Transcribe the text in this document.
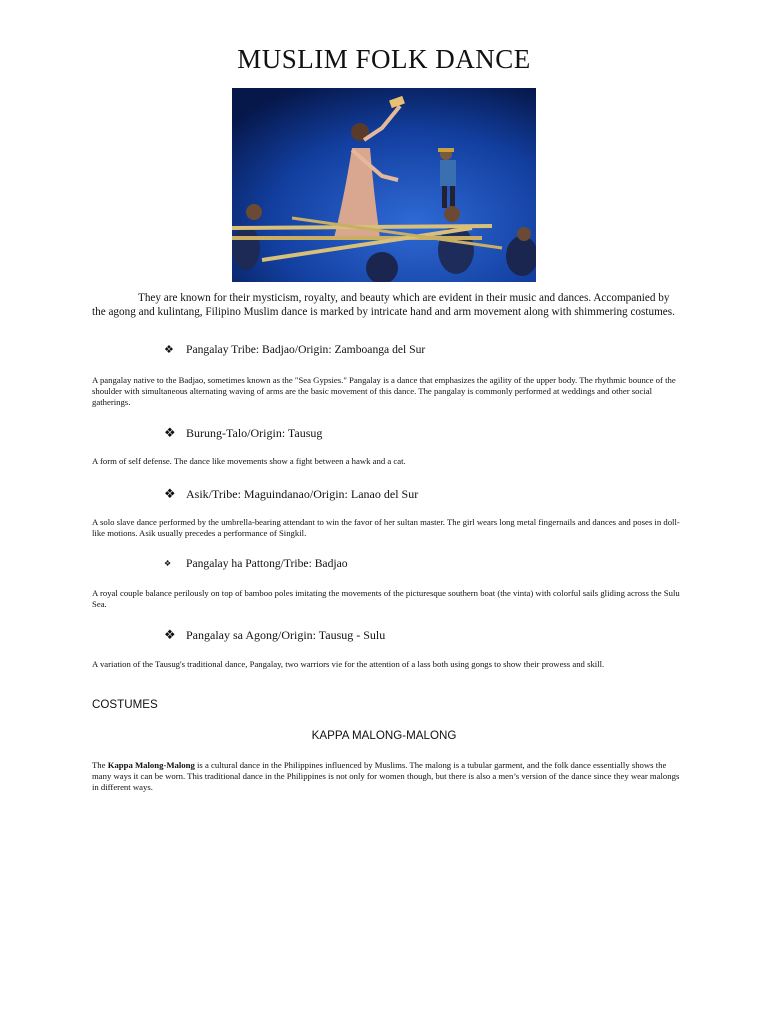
MUSLIM FOLK DANCE

They are known for their mysticism, royalty, and beauty which are evident in their music and dances. Accompanied by the agong and kulintang, Filipino Muslim dance is marked by intricate hand and arm movement along with shimmering costumes.

❖	Pangalay Tribe: Badjao/Origin: Zamboanga del Sur

A pangalay native to the Badjao, sometimes known as the "Sea Gypsies." Pangalay is a dance that emphasizes the agility of the upper body. The rhythmic bounce of the shoulder with simultaneous alternating waving of arms are the basic movement of this dance. The pangalay is commonly performed at weddings and other social gatherings.

❖ Burung-Talo/Origin: Tausug

A form of self defense. The dance like movements show a fight between a hawk and a cat.

❖ Asik/Tribe: Maguindanao/Origin: Lanao del Sur

A solo slave dance performed by the umbrella-bearing attendant to win the favor of her sultan master. The girl wears long metal fingernails and dances and poses in doll-like motions. Asik usually precedes a performance of Singkil.

❖	Pangalay ha Pattong/Tribe: Badjao

A royal couple balance perilously on top of bamboo poles imitating the movements of the picturesque southern boat (the vinta) with colorful sails gliding across the Sulu Sea.

❖ Pangalay sa Agong/Origin: Tausug - Sulu

A variation of the Tausug's traditional dance, Pangalay, two warriors vie for the attention of a lass both using gongs to show their prowess and skill.

COSTUMES

KAPPA MALONG-MALONG

The Kappa Malong-Malong is a cultural dance in the Philippines influenced by Muslims. The malong is a tubular garment, and the folk dance essentially shows the many ways it can be worn. This traditional dance in the Philippines is not only for women though, but there is also a men’s version of the dance since they wear malongs in different ways.
